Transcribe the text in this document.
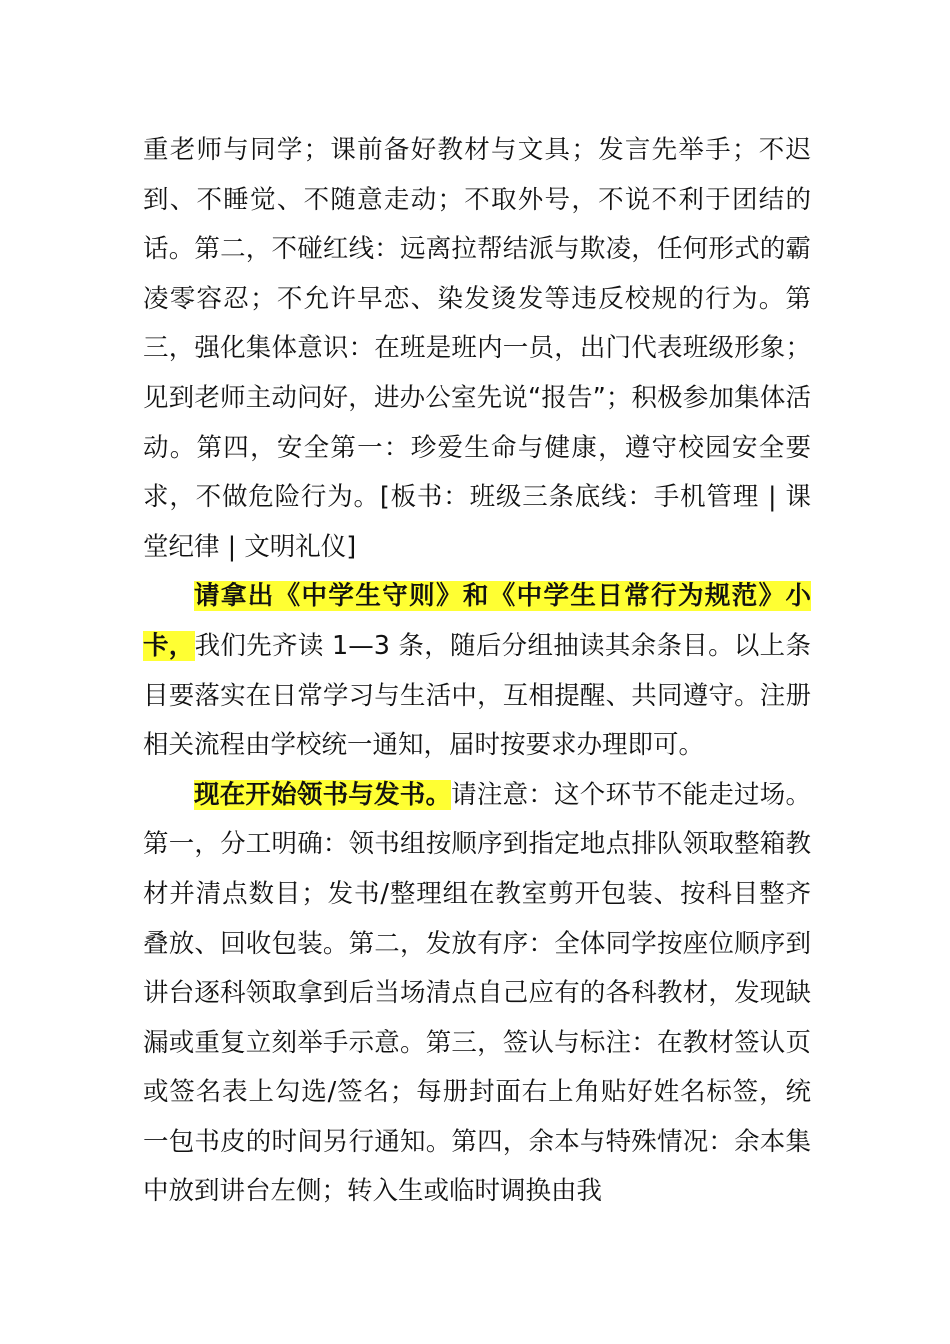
重老师与同学；课前备好教材与文具；发言先举手；不迟到、不睡觉、不随意走动；不取外号，不说不利于团结的话。第二，不碰红线：远离拉帮结派与欺凌，任何形式的霸凌零容忍；不允许早恋、染发烫发等违反校规的行为。第三，强化集体意识：在班是班内一员，出门代表班级形象；见到老师主动问好，进办公室先说“报告”；积极参加集体活动。第四，安全第一：珍爱生命与健康，遵守校园安全要求，不做危险行为。[板书：班级三条底线：手机管理 | 课堂纪律 | 文明礼仪]

请拿出《中学生守则》和《中学生日常行为规范》小卡，我们先齐读 1—3 条，随后分组抽读其余条目。以上条目要落实在日常学习与生活中，互相提醒、共同遵守。注册相关流程由学校统一通知，届时按要求办理即可。

现在开始领书与发书。请注意：这个环节不能走过场。第一，分工明确：领书组按顺序到指定地点排队领取整箱教材并清点数目；发书/整理组在教室剪开包装、按科目整齐叠放、回收包装。第二，发放有序：全体同学按座位顺序到讲台逐科领取拿到后当场清点自己应有的各科教材，发现缺漏或重复立刻举手示意。第三，签认与标注：在教材签认页或签名表上勾选/签名；每册封面右上角贴好姓名标签，统一包书皮的时间另行通知。第四，余本与特殊情况：余本集中放到讲台左侧；转入生或临时调换由我
